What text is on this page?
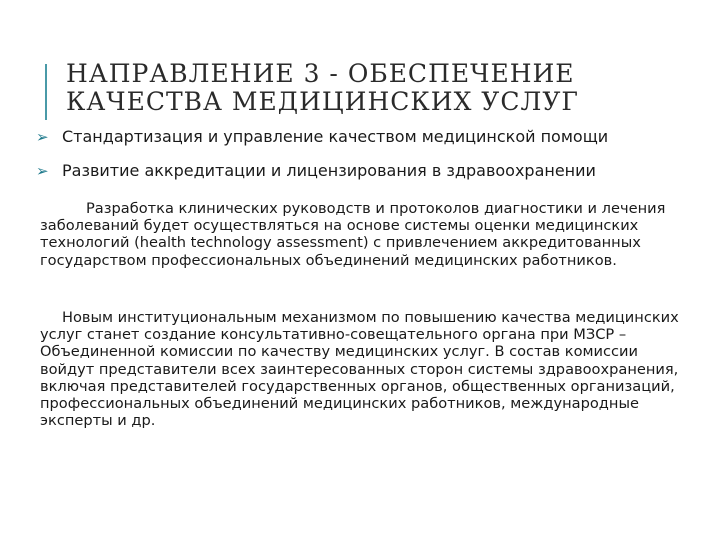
НАПРАВЛЕНИЕ 3 - ОБЕСПЕЧЕНИЕ
КАЧЕСТВА МЕДИЦИНСКИХ УСЛУГ
➢ Стандартизация и управление качеством медицинской помощи
➢ Развитие аккредитации и лицензирования в здравоохранении

Разработка клинических руководств и протоколов диагностики и лечения заболеваний будет осуществляться на основе системы оценки медицинских технологий (health technology assessment) с привлечением аккредитованных государством профессиональных объединений медицинских работников.

Новым институциональным механизмом по повышению качества медицинских услуг станет создание консультативно-совещательного органа при МЗСР – Объединенной комиссии по качеству медицинских услуг. В состав комиссии войдут представители всех заинтересованных сторон системы здравоохранения, включая представителей государственных органов, общественных организаций, профессиональных объединений медицинских работников, международные эксперты и др.
